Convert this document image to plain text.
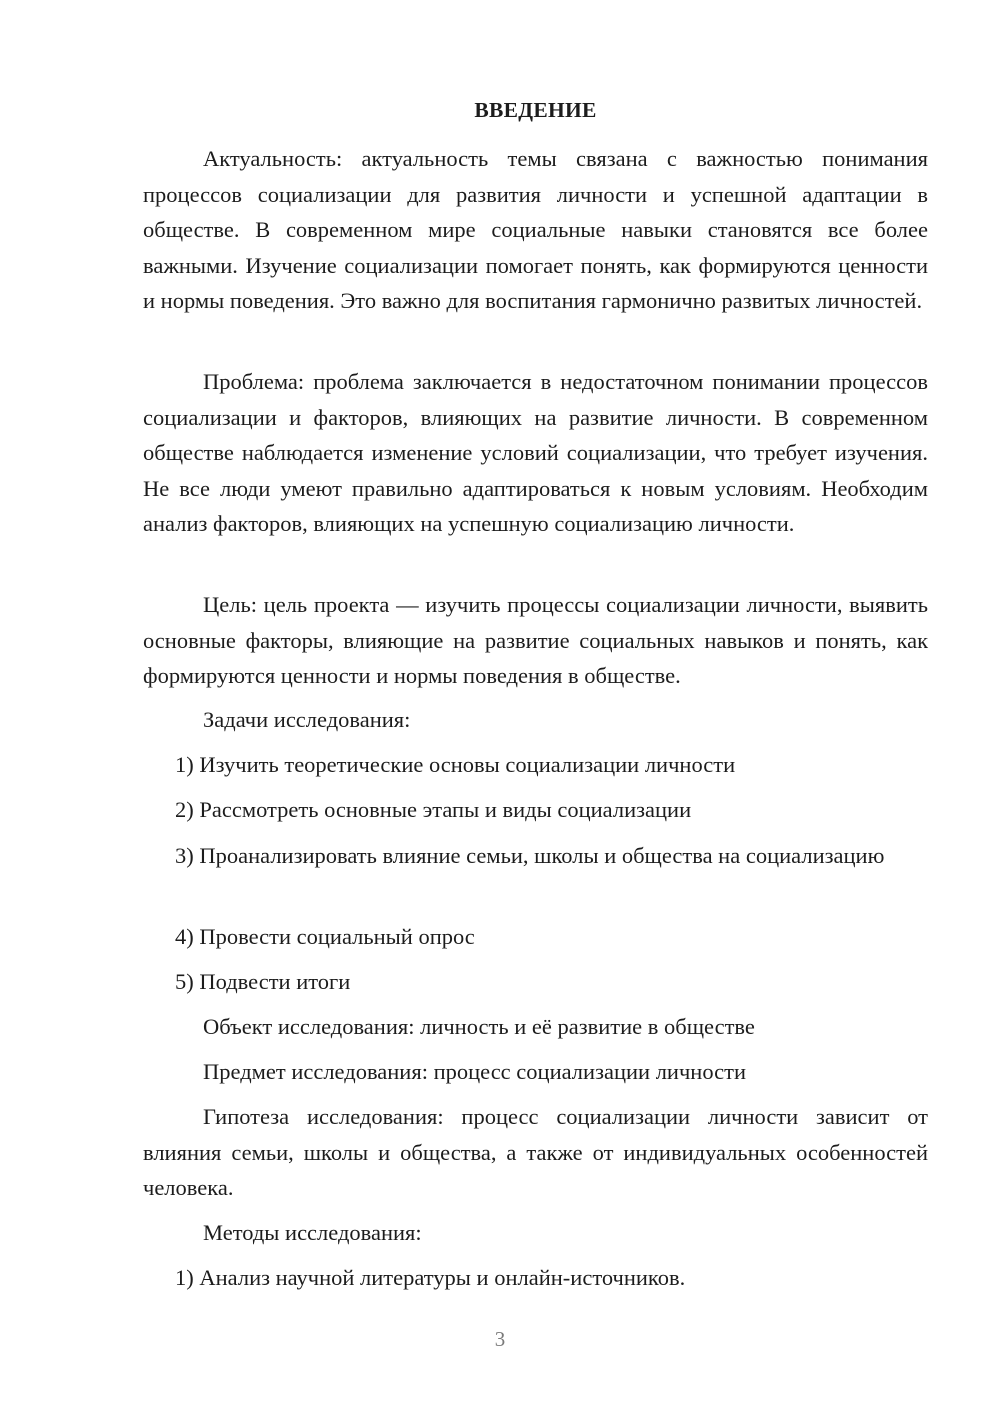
ВВЕДЕНИЕ

Актуальность: актуальность темы связана с важностью понимания процессов социализации для развития личности и успешной адаптации в обществе. В современном мире социальные навыки становятся все более важными. Изучение социализации помогает понять, как формируются ценности и нормы поведения. Это важно для воспитания гармонично развитых личностей.

Проблема: проблема заключается в недостаточном понимании процессов социализации и факторов, влияющих на развитие личности. В современном обществе наблюдается изменение условий социализации, что требует изучения. Не все люди умеют правильно адаптироваться к новым условиям. Необходим анализ факторов, влияющих на успешную социализацию личности.

Цель: цель проекта — изучить процессы социализации личности, выявить основные факторы, влияющие на развитие социальных навыков и понять, как формируются ценности и нормы поведения в обществе.

Задачи исследования:

1) Изучить теоретические основы социализации личности

2) Рассмотреть основные этапы и виды социализации

3) Проанализировать влияние семьи, школы и общества на социализацию

4) Провести социальный опрос

5) Подвести итоги

Объект исследования: личность и её развитие в обществе

Предмет исследования: процесс социализации личности

Гипотеза исследования: процесс социализации личности зависит от влияния семьи, школы и общества, а также от индивидуальных особенностей человека.

Методы исследования:

1) Анализ научной литературы и онлайн-источников.

3
